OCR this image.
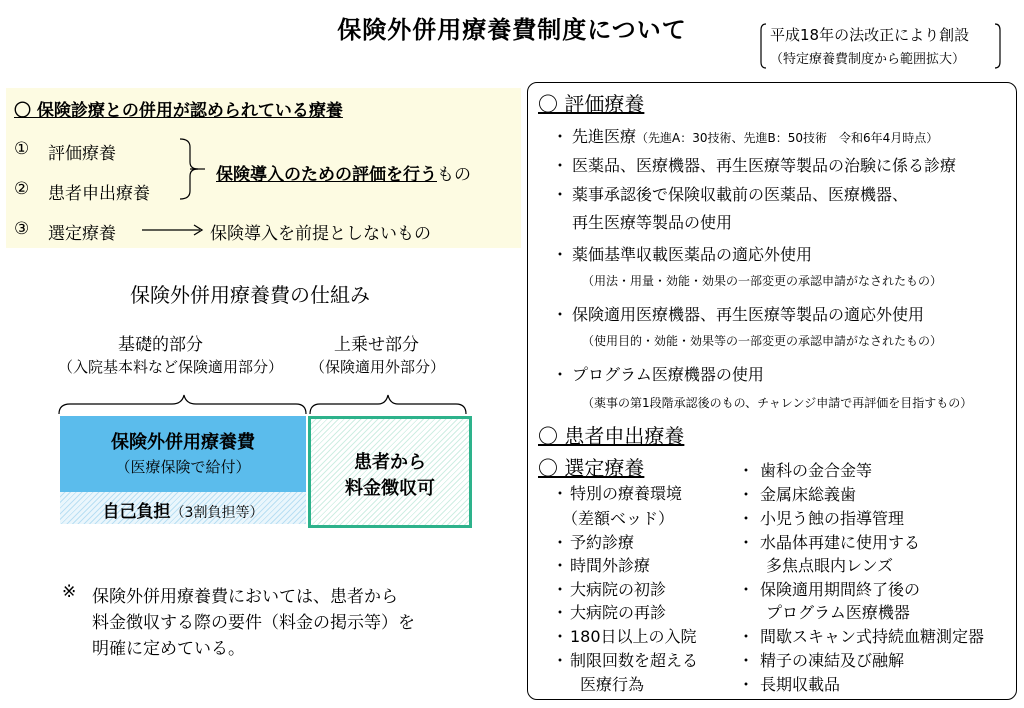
保険外併用療養費制度について	平成18年の法改正により創設
（特定療養費制度から範囲拡大）
〇 保険診療との併用が認められている療養
① 評価療養
② 患者申出療養
③ 選定療養
保険導入のための評価を行うもの
保険導入を前提としないもの
保険外併用療養費の仕組み
基礎的部分	上乗せ部分
（入院基本料など保険適用部分） （保険適用外部分）
保険外併用療養費
（医療保険で給付）
自己負担（3割負担等）
患者から
料金徴収可
※ 保険外併用療養費においては、患者から
料金徴収する際の要件（料金の掲示等）を
明確に定めている。
〇 評価療養
・ 先進医療（先進A：30技術、先進B：50技術　令和6年4月時点）
・ 医薬品、医療機器、再生医療等製品の治験に係る診療
・ 薬事承認後で保険収載前の医薬品、医療機器、
再生医療等製品の使用
・ 薬価基準収載医薬品の適応外使用
（用法・用量・効能・効果の一部変更の承認申請がなされたもの）
・ 保険適用医療機器、再生医療等製品の適応外使用
（使用目的・効能・効果等の一部変更の承認申請がなされたもの）
・ プログラム医療機器の使用
（薬事の第1段階承認後のもの、チャレンジ申請で再評価を目指すもの）
〇 患者申出療養
〇 選定療養
・ 特別の療養環境
（差額ベッド）
・ 予約診療
・ 時間外診療
・ 大病院の初診
・ 大病院の再診
・ 180日以上の入院
・ 制限回数を超える
医療行為
・ 歯科の金合金等
・ 金属床総義歯
・ 小児う蝕の指導管理
・ 水晶体再建に使用する
多焦点眼内レンズ
・ 保険適用期間終了後の
プログラム医療機器
・ 間歇スキャン式持続血糖測定器
・ 精子の凍結及び融解
・ 長期収載品
